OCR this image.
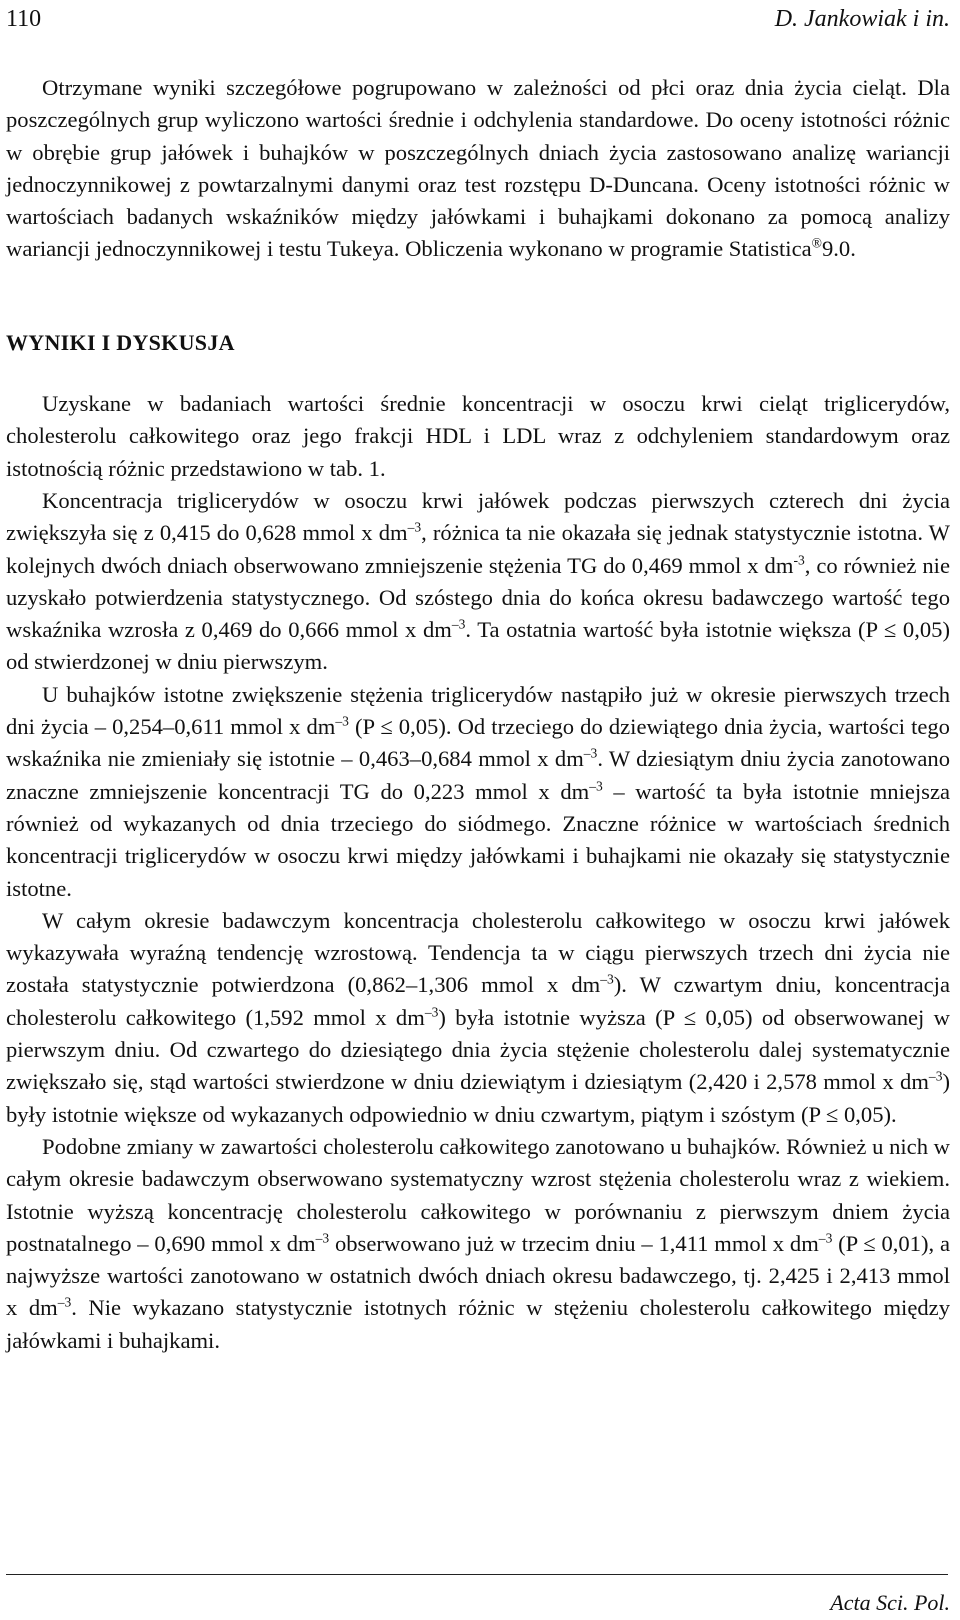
110	D. Jankowiak i in.

Otrzymane wyniki szczegółowe pogrupowano w zależności od płci oraz dnia życia cieląt. Dla poszczególnych grup wyliczono wartości średnie i odchylenia standardowe. Do oceny istotności różnic w obrębie grup jałówek i buhajków w poszczególnych dniach życia zastosowano analizę wariancji jednoczynnikowej z powtarzalnymi danymi oraz test rozstępu D-Duncana. Oceny istotności różnic w wartościach badanych wskaźników między jałówkami i buhajkami dokonano za pomocą analizy wariancji jednoczynnikowej i testu Tukeya. Obliczenia wykonano w programie Statistica®9.0.

WYNIKI I DYSKUSJA

Uzyskane w badaniach wartości średnie koncentracji w osoczu krwi cieląt triglicerydów, cholesterolu całkowitego oraz jego frakcji HDL i LDL wraz z odchyleniem standardowym oraz istotnością różnic przedstawiono w tab. 1.

Koncentracja triglicerydów w osoczu krwi jałówek podczas pierwszych czterech dni życia zwiększyła się z 0,415 do 0,628 mmol x $dm^{-3}$, różnica ta nie okazała się jednak statystycznie istotna. W kolejnych dwóch dniach obserwowano zmniejszenie stężenia TG do 0,469 mmol x $dm^{-3}$, co również nie uzyskało potwierdzenia statystycznego. Od szóstego dnia do końca okresu badawczego wartość tego wskaźnika wzrosła z 0,469 do 0,666 mmol x $dm^{-3}$. Ta ostatnia wartość była istotnie większa (P ≤ 0,05) od stwierdzonej w dniu pierwszym.

U buhajków istotne zwiększenie stężenia triglicerydów nastąpiło już w okresie pierwszych trzech dni życia – 0,254–0,611 mmol x $dm^{-3}$ (P ≤ 0,05). Od trzeciego do dziewiątego dnia życia, wartości tego wskaźnika nie zmieniały się istotnie – 0,463–0,684 mmol x $dm^{-3}$. W dziesiątym dniu życia zanotowano znaczne zmniejszenie koncentracji TG do 0,223 mmol x $dm^{-3}$ – wartość ta była istotnie mniejsza również od wykazanych od dnia trzeciego do siódmego. Znaczne różnice w wartościach średnich koncentracji triglicerydów w osoczu krwi między jałówkami i buhajkami nie okazały się statystycznie istotne.

W całym okresie badawczym koncentracja cholesterolu całkowitego w osoczu krwi jałówek wykazywała wyraźną tendencję wzrostową. Tendencja ta w ciągu pierwszych trzech dni życia nie została statystycznie potwierdzona (0,862–1,306 mmol x $dm^{-3}$). W czwartym dniu, koncentracja cholesterolu całkowitego (1,592 mmol x $dm^{-3}$) była istotnie wyższa (P ≤ 0,05) od obserwowanej w pierwszym dniu. Od czwartego do dziesiątego dnia życia stężenie cholesterolu dalej systematycznie zwiększało się, stąd wartości stwierdzone w dniu dziewiątym i dziesiątym (2,420 i 2,578 mmol x $dm^{-3}$) były istotnie większe od wykazanych odpowiednio w dniu czwartym, piątym i szóstym (P ≤ 0,05).

Podobne zmiany w zawartości cholesterolu całkowitego zanotowano u buhajków. Również u nich w całym okresie badawczym obserwowano systematyczny wzrost stężenia cholesterolu wraz z wiekiem. Istotnie wyższą koncentrację cholesterolu całkowitego w porównaniu z pierwszym dniem życia postnatalnego – 0,690 mmol x $dm^{-3}$ obserwowano już w trzecim dniu – 1,411 mmol x $dm^{-3}$ (P ≤ 0,01), a najwyższe wartości zanotowano w ostatnich dwóch dniach okresu badawczego, tj. 2,425 i 2,413 mmol x $dm^{-3}$. Nie wykazano statystycznie istotnych różnic w stężeniu cholesterolu całkowitego między jałówkami i buhajkami.

Acta Sci. Pol.
